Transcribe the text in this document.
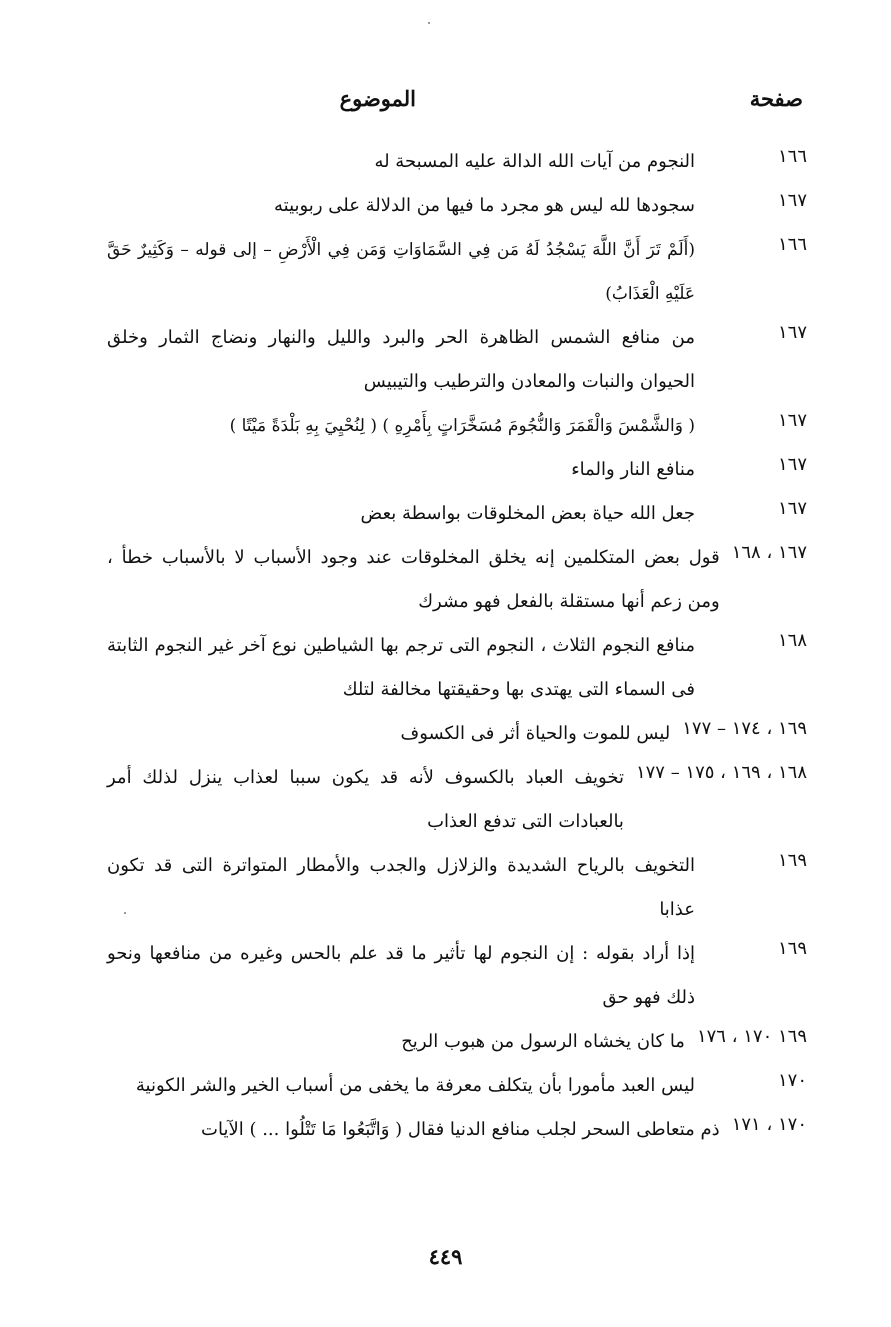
صفحة
الموضوع
١٦٦
النجوم من آيات الله الدالة عليه المسبحة له
١٦٧
سجودها لله ليس هو مجرد ما فيها من الدلالة على ربوبيته
١٦٦
(أَلَمْ تَرَ أَنَّ اللَّهَ يَسْجُدُ لَهُ مَن فِي السَّمَاوَاتِ وَمَن فِي الْأَرْضِ – إلى قوله – وَكَثِيرٌ حَقَّ عَلَيْهِ الْعَذَابُ)
١٦٧
من منافع الشمس الظاهرة الحر والبرد والليل والنهار ونضاج الثمار وخلق الحيوان والنبات والمعادن والترطيب والتيبيس
١٦٧
( وَالشَّمْسَ وَالْقَمَرَ وَالنُّجُومَ مُسَخَّرَاتٍ بِأَمْرِهِ ) ( لِنُحْيِيَ بِهِ بَلْدَةً مَيْتًا )
١٦٧
منافع النار والماء
١٦٧
جعل الله حياة بعض المخلوقات بواسطة بعض
١٦٧ ، ١٦٨
قول بعض المتكلمين إنه يخلق المخلوقات عند وجود الأسباب لا بالأسباب خطأ ، ومن زعم أنها مستقلة بالفعل فهو مشرك
١٦٨
منافع النجوم الثلاث ، النجوم التى ترجم بها الشياطين نوع آخر غير النجوم الثابتة فى السماء التى يهتدى بها وحقيقتها مخالفة لتلك
١٦٩ ، ١٧٤ – ١٧٧
ليس للموت والحياة أثر فى الكسوف
١٦٨ ، ١٦٩ ، ١٧٥ – ١٧٧
تخويف العباد بالكسوف لأنه قد يكون سببا لعذاب ينزل لذلك أمر بالعبادات التى تدفع العذاب
١٦٩
التخويف بالرياح الشديدة والزلازل والجدب والأمطار المتواترة التى قد تكون عذابا
١٦٩
إذا أراد بقوله : إن النجوم لها تأثير ما قد علم بالحس وغيره من منافعها ونحو ذلك فهو حق
١٦٩ ١٧٠ ، ١٧٦
ما كان يخشاه الرسول من هبوب الريح
١٧٠
ليس العبد مأمورا بأن يتكلف معرفة ما يخفى من أسباب الخير والشر الكونية
١٧٠ ، ١٧١
ذم متعاطى السحر لجلب منافع الدنيا فقال ( وَاتَّبَعُوا مَا تَتْلُوا ... ) الآيات
٤٤٩
